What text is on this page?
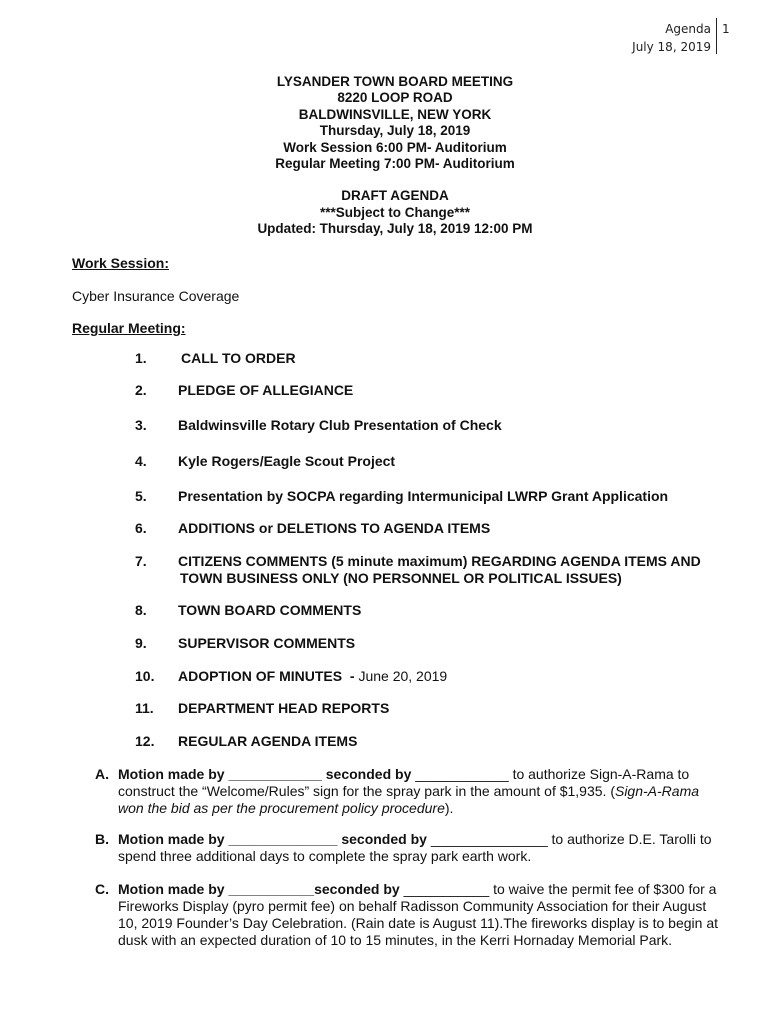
Agenda
July 18, 2019
1
LYSANDER TOWN BOARD MEETING
8220 LOOP ROAD
BALDWINSVILLE, NEW YORK
Thursday, July 18, 2019
Work Session 6:00 PM- Auditorium
Regular Meeting 7:00 PM- Auditorium
DRAFT AGENDA
***Subject to Change***
Updated: Thursday, July 18, 2019 12:00 PM
Work Session:
Cyber Insurance Coverage
Regular Meeting:
1.	CALL TO ORDER
2.	PLEDGE OF ALLEGIANCE
3.	Baldwinsville Rotary Club Presentation of Check
4.	Kyle Rogers/Eagle Scout Project
5.	Presentation by SOCPA regarding Intermunicipal LWRP Grant Application
6.	ADDITIONS or DELETIONS TO AGENDA ITEMS
7.	CITIZENS COMMENTS (5 minute maximum) REGARDING AGENDA ITEMS AND
TOWN BUSINESS ONLY (NO PERSONNEL OR POLITICAL ISSUES)
8.	TOWN BOARD COMMENTS
9.	SUPERVISOR COMMENTS
10.	ADOPTION OF MINUTES  - June 20, 2019
11.	DEPARTMENT HEAD REPORTS
12.	REGULAR AGENDA ITEMS
A. Motion made by ____________ seconded by ____________ to authorize Sign-A-Rama to
construct the “Welcome/Rules” sign for the spray park in the amount of $1,935. (Sign-A-Rama
won the bid as per the procurement policy procedure).
B. Motion made by ______________ seconded by _______________ to authorize D.E. Tarolli to
spend three additional days to complete the spray park earth work.
C. Motion made by ___________seconded by ___________ to waive the permit fee of $300 for a
Fireworks Display (pyro permit fee) on behalf Radisson Community Association for their August
10, 2019 Founder’s Day Celebration. (Rain date is August 11).The fireworks display is to begin at
dusk with an expected duration of 10 to 15 minutes, in the Kerri Hornaday Memorial Park.
